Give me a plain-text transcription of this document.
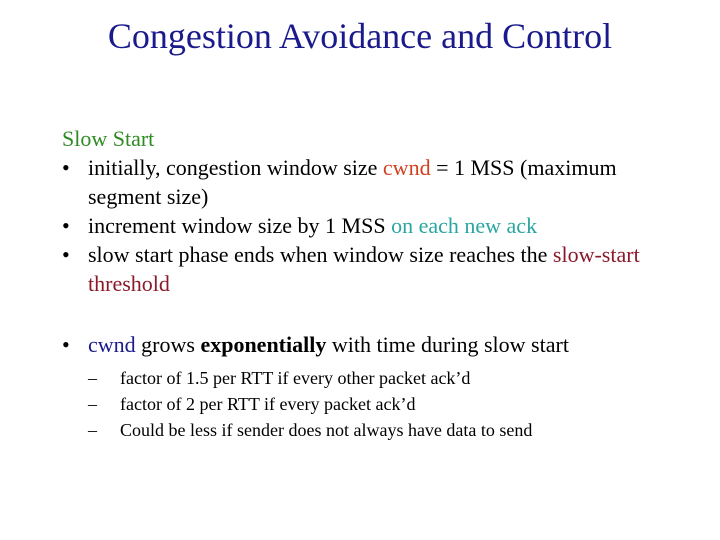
Congestion Avoidance and Control
Slow Start
• initially, congestion window size cwnd = 1 MSS (maximum segment size)
• increment window size by 1 MSS on each new ack
• slow start phase ends when window size reaches the slow-start threshold
• cwnd grows exponentially with time during slow start
– factor of 1.5 per RTT if every other packet ack’d
– factor of 2 per RTT if every packet ack’d
– Could be less if sender does not always have data to send
